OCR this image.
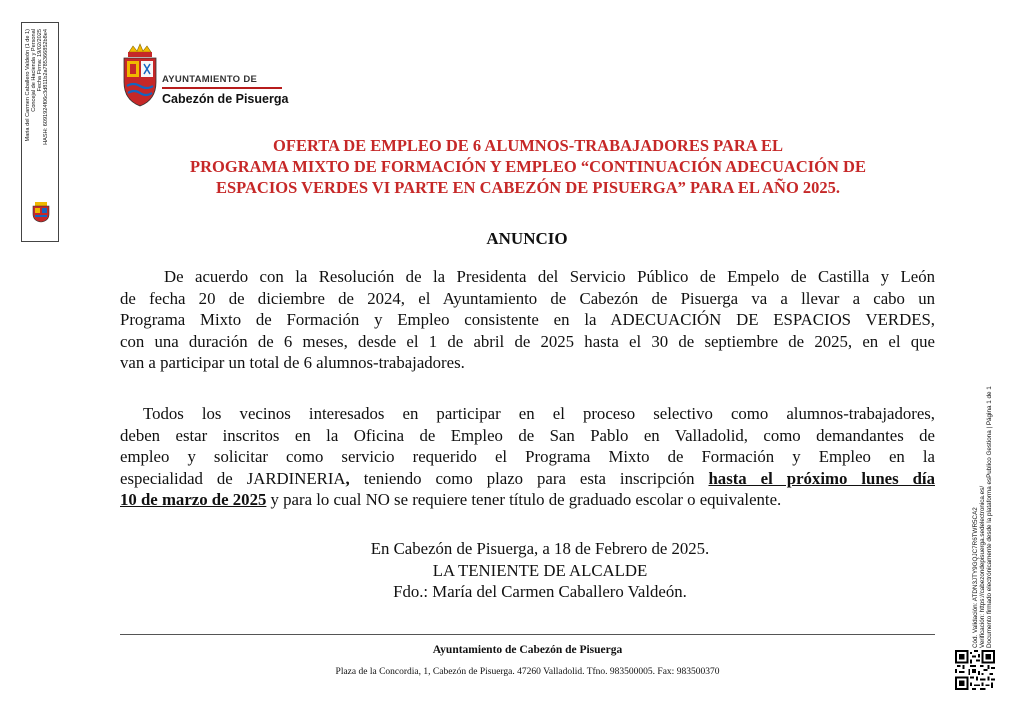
Maria del Carmen Caballero Valdeón (1 de 1) Concejal de Hacienda y Personal Fecha Firma: 19/02/2025 HASH: 6091924f06c3d811b2a785366852b8e4	AYUNTAMIENTO DE
Cabezón de Pisuerga
OFERTA DE EMPLEO DE 6 ALUMNOS-TRABAJADORES PARA EL
PROGRAMA MIXTO DE FORMACIÓN Y EMPLEO “CONTINUACIÓN ADECUACIÓN DE
ESPACIOS VERDES VI PARTE EN CABEZÓN DE PISUERGA” PARA EL AÑO 2025.
ANUNCIO
De acuerdo con la Resolución de la Presidenta del Servicio Público de Empelo de Castilla y León
de fecha 20 de diciembre de 2024, el Ayuntamiento de Cabezón de Pisuerga va a llevar a cabo un
Programa Mixto de Formación y Empleo consistente en la ADECUACIÓN DE ESPACIOS VERDES,
con una duración de 6 meses, desde el 1 de abril de 2025 hasta el 30 de septiembre de 2025, en el que
van a participar un total de 6 alumnos-trabajadores.
Todos los vecinos interesados en participar en el proceso selectivo como alumnos-trabajadores,
deben estar inscritos en la Oficina de Empleo de San Pablo en Valladolid, como demandantes de
empleo y solicitar como servicio requerido el Programa Mixto de Formación y Empleo en la
especialidad de JARDINERIA, teniendo como plazo para esta inscripción hasta el próximo lunes día
10 de marzo de 2025 y para lo cual NO se requiere tener título de graduado escolar o equivalente.
En Cabezón de Pisuerga, a 18 de Febrero de 2025.
LA TENIENTE DE ALCALDE
Fdo.: María del Carmen Caballero Valdeón.
Ayuntamiento de Cabezón de Pisuerga
Plaza de la Concordia, 1, Cabezón de Pisuerga. 47260 Valladolid. Tfno. 983500005. Fax: 983500370
Cód. Validación: ATDN3JTY9GQJC7R6TWR5CA2 Verificación: https://cabezondepisuerga.sedelectronica.es/ Documento firmado electrónicamente desde la plataforma esPublico Gestiona | Página 1 de 1
